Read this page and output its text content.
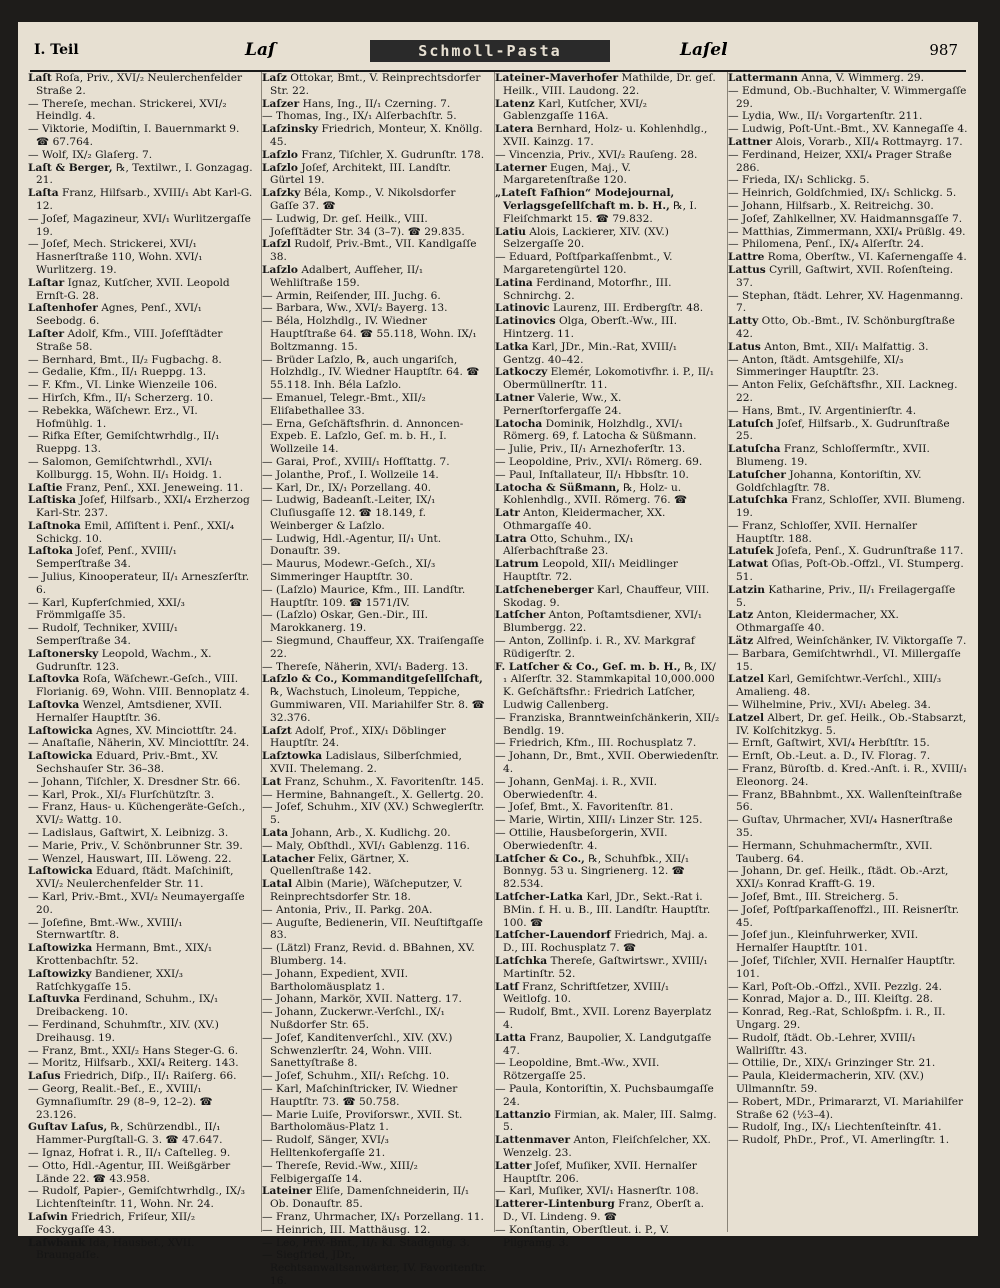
I. Teil	Laſ	Schmoll-Pasta	Laſel	987

Laſt Roſa, Priv., XVI/₂ Neulerchenfelder Straße 2.

— Thereſe, mechan. Strickerei, XVI/₂ Heindlg. 4.

— Viktorie, Modiſtin, I. Bauernmarkt 9. ☎ 67.764.

— Wolf, IX/₂ Glaſerg. 7.

Laſt & Berger, ℞, Textilwr., I. Gonzagag. 21.

Laſta Franz, Hilfsarb., XVIII/₁ Abt Karl-G. 12.

— Joſef, Magazineur, XVI/₁ Wurlitzergaſſe 19.

— Joſef, Mech. Strickerei, XVI/₁ Hasnerſtraße 110, Wohn. XVI/₁ Wurlitzerg. 19.

Laſtar Ignaz, Kutſcher, XVII. Leopold Ernſt-G. 28.

Laſtenhofer Agnes, Penſ., XVI/₁ Seebodg. 6.

Laſter Adolf, Kfm., VIII. Joſefſtädter Straße 58.

— Bernhard, Bmt., II/₂ Fugbachg. 8.

— Gedalie, Kfm., II/₁ Rueppg. 13.

— F. Kfm., VI. Linke Wienzeile 106.

— Hirſch, Kfm., II/₁ Scherzerg. 10.

— Rebekka, Wäſchewr. Erz., VI. Hofmühlg. 1.

— Rifka Eſter, Gemiſchtwrhdlg., II/₁ Rueppg. 13.

— Salomon, Gemiſchtwrhdl., XVI/₁ Kollburgg. 15, Wohn. II/₁ Hoidg. 1.

Laſtie Franz, Penſ., XXI. Jeneweing. 11.

Laſtiska Joſef, Hilfsarb., XXI/₄ Erzherzog Karl-Str. 237.

Laſtnoka Emil, Aſſiſtent i. Penſ., XXI/₄ Schickg. 10.

Laſtoka Joſef, Penſ., XVIII/₁ Semperſtraße 34.

— Julius, Kinooperateur, II/₁ Arneszſerſtr. 6.

— Karl, Kupferſchmied, XXI/₃ Frömmlgaſſe 35.

— Rudolf, Techniker, XVIII/₁ Semperſtraße 34.

Laſtonersky Leopold, Wachm., X. Gudrunſtr. 123.

Laſtovka Roſa, Wäſchewr.-Geſch., VIII. Florianig. 69, Wohn. VIII. Bennoplatz 4.

Laſtovka Wenzel, Amtsdiener, XVII. Hernalſer Hauptſtr. 36.

Laſtowicka Agnes, XV. Minciottſtr. 24.

— Anaſtaſie, Näherin, XV. Minciottſtr. 24.

Laſtowicka Eduard, Priv.-Bmt., XV. Sechshauſer Str. 36–38.

— Johann, Tiſchler, X. Dresdner Str. 66.

— Karl, Prok., XI/₃ Flurſchützſtr. 3.

— Franz, Haus- u. Küchengeräte-Geſch., XVI/₂ Wattg. 10.

— Ladislaus, Gaſtwirt, X. Leibnizg. 3.

— Marie, Priv., V. Schönbrunner Str. 39.

— Wenzel, Hauswart, III. Löweng. 22.

Laſtowicka Eduard, ſtädt. Maſchiniſt, XVI/₂ Neulerchenfelder Str. 11.

— Karl, Priv.-Bmt., XVI/₂ Neumayergaſſe 20.

— Joſefine, Bmt.-Ww., XVIII/₁ Sternwartſtr. 8.

Laſtowizka Hermann, Bmt., XIX/₁ Krottenbachſtr. 52.

Laſtowizky Bandiener, XXI/₃ Ratſchkygaſſe 15.

Laſtuvka Ferdinand, Schuhm., IX/₁ Dreibackeng. 10.

— Ferdinand, Schuhmſtr., XIV. (XV.) Dreihausg. 19.

— Franz, Bmt., XXI/₂ Hans Steger-G. 6.

— Moritz, Hilfsarb., XXI/₄ Reiterg. 143.

Laſus Friedrich, Diſp., II/₁ Raiſerg. 66.

— Georg, Realit.-Beſ., E., XVIII/₁ Gymnaſiumſtr. 29 (8–9, 12–2). ☎ 23.126.

Guſtav Laſus, ℞, Schürzendbl., II/₁ Hammer-Purgſtall-G. 3. ☎ 47.647.

— Ignaz, Hofrat i. R., II/₁ Caſtelleg. 9.

— Otto, Hdl.-Agentur, III. Weißgärber Lände 22. ☎ 43.958.

— Rudolf, Papier-, Gemiſchtwrhdlg., IX/₃ Lichtenſteinſtr. 11, Wohn. Nr. 24.

Laſwin Friedrich, Friſeur, XII/₂ Fockygaſſe 43.

Laſwbank Ida, Hausbeſ., XVII. Braungaſſe.

Laſz Ottokar, Bmt., V. Reinprechtsdorfer Str. 22.

Laſzer Hans, Ing., II/₁ Czerning. 7.

— Thomas, Ing., IX/₁ Alſerbachſtr. 5.

Laſzinsky Friedrich, Monteur, X. Knöllg. 45.

Laſzlo Franz, Tiſchler, X. Gudrunſtr. 178.

Laſzlo Joſef, Architekt, III. Landſtr. Gürtel 19.

Laſzky Béla, Komp., V. Nikolsdorfer Gaſſe 37. ☎

— Ludwig, Dr. geſ. Heilk., VIII. Joſefſtädter Str. 34 (3–7). ☎ 29.835.

Laſzl Rudolf, Priv.-Bmt., VII. Kandlgaſſe 38.

Laſzlo Adalbert, Aufſeher, II/₁ Wehliſtraße 159.

— Armin, Reiſender, III. Juchg. 6.

— Barbara, Ww., XVI/₂ Bayerg. 13.

— Béla, Holzhdlg., IV. Wiedner Hauptſtraße 64. ☎ 55.118, Wohn. IX/₁ Boltzmanng. 15.

— Brüder Laſzlo, ℞, auch ungariſch, Holzhdlg., IV. Wiedner Hauptſtr. 64. ☎ 55.118. Inh. Béla Laſzlo.

— Emanuel, Telegr.-Bmt., XII/₂ Eliſabethallee 33.

— Erna, Geſchäftsfhrin. d. Annoncen-Expeb. E. Laſzlo, Geſ. m. b. H., I. Wollzeile 14.

— Garai, Prof., XVIII/₁ Hofſtattg. 7.

— Jolanthe, Prof., I. Wollzeile 14.

— Karl, Dr., IX/₁ Porzellang. 40.

— Ludwig, Badeanſt.-Leiter, IX/₁ Cluſiusgaſſe 12. ☎ 18.149, f. Weinberger & Laſzlo.

— Ludwig, Hdl.-Agentur, II/₁ Unt. Donauſtr. 39.

— Maurus, Modewr.-Geſch., XI/₃ Simmeringer Hauptſtr. 30.

— (Laſzlo) Maurice, Kfm., III. Landſtr. Hauptſtr. 109. ☎ 1571/IV.

— (Laſzlo) Oskar, Gen.-Dir., III. Marokkanerg. 19.

— Siegmund, Chauffeur, XX. Traiſengaſſe 22.

— Thereſe, Näherin, XVI/₁ Baderg. 13.

Laſzlo & Co., Kommanditgeſellſchaft, ℞, Wachstuch, Linoleum, Teppiche, Gummiwaren, VII. Mariahilfer Str. 8. ☎ 32.376.

Laſzt Adolf, Prof., XIX/₁ Döblinger Hauptſtr. 24.

Laſztowka Ladislaus, Silberſchmied, XVII. Thelemang. 2.

Lat Franz, Schuhm., X. Favoritenſtr. 145.

— Hermine, Bahnangeſt., X. Gellertg. 20.

— Joſef, Schuhm., XIV (XV.) Schweglerſtr. 5.

Lata Johann, Arb., X. Kudlichg. 20.

— Maly, Obſthdl., XVI/₁ Gablenzg. 116.

Latacher Felix, Gärtner, X. Quellenſtraße 142.

Latal Albin (Marie), Wäſcheputzer, V. Reinprechtsdorfer Str. 18.

— Antonia, Priv., II. Parkg. 20A.

— Auguſte, Bedienerin, VII. Neuſtiftgaſſe 83.

— (Lätzl) Franz, Revid. d. BBahnen, XV. Blumberg. 14.

— Johann, Expedient, XVII. Bartholomäusplatz 1.

— Johann, Markör, XVII. Natterg. 17.

— Johann, Zuckerwr.-Verſchl., IX/₁ Nußdorfer Str. 65.

— Joſef, Kanditenverſchl., XIV. (XV.) Schwenzlerſtr. 24, Wohn. VIII. Sanettyſtraße 8.

— Joſef, Schuhm., XII/₁ Reſchg. 10.

— Karl, Maſchinſtricker, IV. Wiedner Hauptſtr. 73. ☎ 50.758.

— Marie Luiſe, Proviſorswr., XVII. St. Bartholomäus-Platz 1.

— Rudolf, Sänger, XVI/₃ Helltenkofergaſſe 21.

— Thereſe, Revid.-Ww., XIII/₂ Felbigergaſſe 14.

Lateiner Eliſe, Damenſchneiderin, II/₁ Ob. Donauſtr. 85.

— Franz, Uhrmacher, IX/₁ Porzellang. 11.

— Heinrich, III. Matthäusg. 12.

— Leo, Priv.-Bmt., II/₁ Kl. Stadtgutg. 3.

— Siegfried, JDr., Rechtsanwaltsanwärter, IV. Favoritenſtr. 16.

Lateiner-Maverhofer Mathilde, Dr. geſ. Heilk., VIII. Laudong. 22.

Latenz Karl, Kutſcher, XVI/₂ Gablenzgaſſe 116A.

Latera Bernhard, Holz- u. Kohlenhdlg., XVII. Kainzg. 17.

— Vincenzia, Priv., XVI/₂ Rauſeng. 28.

Laterner Eugen, Maj., V. Margaretenſtraße 120.

„Lateſt Faſhion“ Modejournal, Verlagsgeſellſchaft m. b. H., ℞, I. Fleiſchmarkt 15. ☎ 79.832.

Latiu Alois, Lackierer, XIV. (XV.) Selzergaſſe 20.

— Eduard, Poſtſparkaſſenbmt., V. Margaretengürtel 120.

Latina Ferdinand, Motorfhr., III. Schnirchg. 2.

Latinovic Laurenz, III. Erdbergſtr. 48.

Latinovics Olga, Oberſt.-Ww., III. Hintzerg. 11.

Latka Karl, JDr., Min.-Rat, XVIII/₁ Gentzg. 40–42.

Latkoczy Elemér, Lokomotivfhr. i. P., II/₁ Obermüllnerſtr. 11.

Latner Valerie, Ww., X. Pernerſtorfergaſſe 24.

Latocha Dominik, Holzhdlg., XVI/₁ Römerg. 69, f. Latocha & Süßmann.

— Julie, Priv., II/₁ Arnezhoferſtr. 13.

— Leopoldine, Priv., XVI/₁ Römerg. 69.

— Paul, Inſtallateur, II/₁ Hbbsſtr. 10.

Latocha & Süßmann, ℞, Holz- u. Kohlenhdlg., XVII. Römerg. 76. ☎

Latr Anton, Kleidermacher, XX. Othmargaſſe 40.

Latra Otto, Schuhm., IX/₁ Alſerbachſtraße 23.

Latrum Leopold, XII/₁ Meidlinger Hauptſtr. 72.

Latſcheneberger Karl, Chauffeur, VIII. Skodag. 9.

Latſcher Anton, Poſtamtsdiener, XVI/₁ Blumbergg. 22.

— Anton, Zollinſp. i. R., XV. Markgraf Rüdigerſtr. 2.

F. Latſcher & Co., Geſ. m. b. H., ℞, IX/₁ Alſerſtr. 32. Stammkapital 10,000.000 K. Geſchäftsfhr.: Friedrich Latſcher, Ludwig Callenberg.

— Franziska, Branntweinſchänkerin, XII/₂ Bendlg. 19.

— Friedrich, Kfm., III. Rochusplatz 7.

— Johann, Dr., Bmt., XVII. Oberwiedenſtr. 4.

— Johann, GenMaj. i. R., XVII. Oberwiedenſtr. 4.

— Joſef, Bmt., X. Favoritenſtr. 81.

— Marie, Wirtin, XIII/₁ Linzer Str. 125.

— Ottilie, Hausbeſorgerin, XVII. Oberwiedenſtr. 4.

Latſcher & Co., ℞, Schuhfbk., XII/₁ Bonnyg. 53 u. Singrienerg. 12. ☎ 82.534.

Latſcher-Latka Karl, JDr., Sekt.-Rat i. BMin. f. H. u. B., III. Landſtr. Hauptſtr. 100. ☎

Latſcher-Lauendorf Friedrich, Maj. a. D., III. Rochusplatz 7. ☎

Latſchka Thereſe, Gaſtwirtswr., XVIII/₁ Martinſtr. 52.

Latſ Franz, Schriftſetzer, XVIII/₁ Weitlofg. 10.

— Rudolf, Bmt., XVII. Lorenz Bayerplatz 4.

Latta Franz, Baupolier, X. Landgutgaſſe 47.

— Leopoldine, Bmt.-Ww., XVII. Rötzergaſſe 25.

— Paula, Kontoriſtin, X. Puchsbaumgaſſe 24.

Lattanzio Firmian, ak. Maler, III. Salmg. 5.

Lattenmaver Anton, Fleiſchſelcher, XX. Wenzelg. 23.

Latter Joſef, Muſiker, XVII. Hernalſer Hauptſtr. 206.

— Karl, Muſiker, XVI/₁ Hasnerſtr. 108.

Latterer-Lintenburg Franz, Oberſt a. D., VI. Lindeng. 9. ☎

— Konſtantin, Oberſtleut. i. P., V. Pilgramg. 3.

Lattermann Anna, V. Wimmerg. 29.

— Edmund, Ob.-Buchhalter, V. Wimmergaſſe 29.

— Lydia, Ww., II/₁ Vorgartenſtr. 211.

— Ludwig, Poſt-Unt.-Bmt., XV. Kannegaſſe 4.

Lattner Alois, Vorarb., XII/₄ Rottmayrg. 17.

— Ferdinand, Heizer, XXI/₄ Prager Straße 286.

— Frieda, IX/₁ Schlickg. 5.

— Heinrich, Goldſchmied, IX/₁ Schlickg. 5.

— Johann, Hilfsarb., X. Reitreichg. 30.

— Joſef, Zahlkellner, XV. Haidmannsgaſſe 7.

— Matthias, Zimmermann, XXI/₄ Prüßlg. 49.

— Philomena, Penſ., IX/₄ Alſerſtr. 24.

Lattre Roma, Oberſtw., VI. Kaſernengaſſe 4.

Lattus Cyrill, Gaſtwirt, XVII. Roſenſteing. 37.

— Stephan, ſtädt. Lehrer, XV. Hagenmanng. 7.

Latty Otto, Ob.-Bmt., IV. Schönburgſtraße 42.

Latus Anton, Bmt., XII/₁ Malfattig. 3.

— Anton, ſtädt. Amtsgehilfe, XI/₃ Simmeringer Hauptſtr. 23.

— Anton Felix, Geſchäftsfhr., XII. Lackneg. 22.

— Hans, Bmt., IV. Argentinierſtr. 4.

Latuſch Joſef, Hilfsarb., X. Gudrunſtraße 25.

Latuſcha Franz, Schloſſermſtr., XVII. Blumeng. 19.

Latuſcher Johanna, Kontoriſtin, XV. Goldſchlagſtr. 78.

Latuſchka Franz, Schloſſer, XVII. Blumeng. 19.

— Franz, Schloſſer, XVII. Hernalſer Hauptſtr. 188.

Latuſek Joſefa, Penſ., X. Gudrunſtraße 117.

Latwat Oſias, Poſt-Ob.-Offzl., VI. Stumperg. 51.

Latzin Katharine, Priv., II/₁ Freilagergaſſe 5.

Latz Anton, Kleidermacher, XX. Othmargaſſe 40.

Lätz Alfred, Weinſchänker, IV. Viktorgaſſe 7.

— Barbara, Gemiſchtwrhdl., VI. Millergaſſe 15.

Latzel Karl, Gemiſchtwr.-Verſchl., XIII/₃ Amalieng. 48.

— Wilhelmine, Priv., XVI/₁ Abeleg. 34.

Latzel Albert, Dr. geſ. Heilk., Ob.-Stabsarzt, IV. Kolſchitzkyg. 5.

— Ernſt, Gaſtwirt, XVI/₄ Herbſtſtr. 15.

— Ernſt, Ob.-Leut. a. D., IV. Florag. 7.

— Franz, Büroſtb. d. Kred.-Anſt. i. R., XVIII/₁ Eleonorg. 24.

— Franz, BBahnbmt., XX. Wallenſteinſtraße 56.

— Guſtav, Uhrmacher, XVI/₄ Hasnerſtraße 35.

— Hermann, Schuhmachermſtr., XVII. Tauberg. 64.

— Johann, Dr. geſ. Heilk., ſtädt. Ob.-Arzt, XXI/₃ Konrad Krafft-G. 19.

— Joſef, Bmt., III. Streicherg. 5.

— Joſef, Poſtſparkaſſenoffzl., III. Reisnerſtr. 45.

— Joſef jun., Kleinfuhrwerker, XVII. Hernalſer Hauptſtr. 101.

— Joſef, Tiſchler, XVII. Hernalſer Hauptſtr. 101.

— Karl, Poſt-Ob.-Offzl., XVII. Pezzlg. 24.

— Konrad, Major a. D., III. Kleiſtg. 28.

— Konrad, Reg.-Rat, Schloßpfm. i. R., II. Ungarg. 29.

— Rudolf, ſtädt. Ob.-Lehrer, XVIII/₁ Wallriſſtr. 43.

— Ottilie, Dr., XIX/₁ Grinzinger Str. 21.

— Paula, Kleidermacherin, XIV. (XV.) Ullmannſtr. 59.

— Robert, MDr., Primararzt, VI. Mariahilfer Straße 62 (½3–4).

— Rudolf, Ing., IX/₁ Liechtenſteinſtr. 41.

— Rudolf, PhDr., Prof., VI. Amerlingſtr. 1.
